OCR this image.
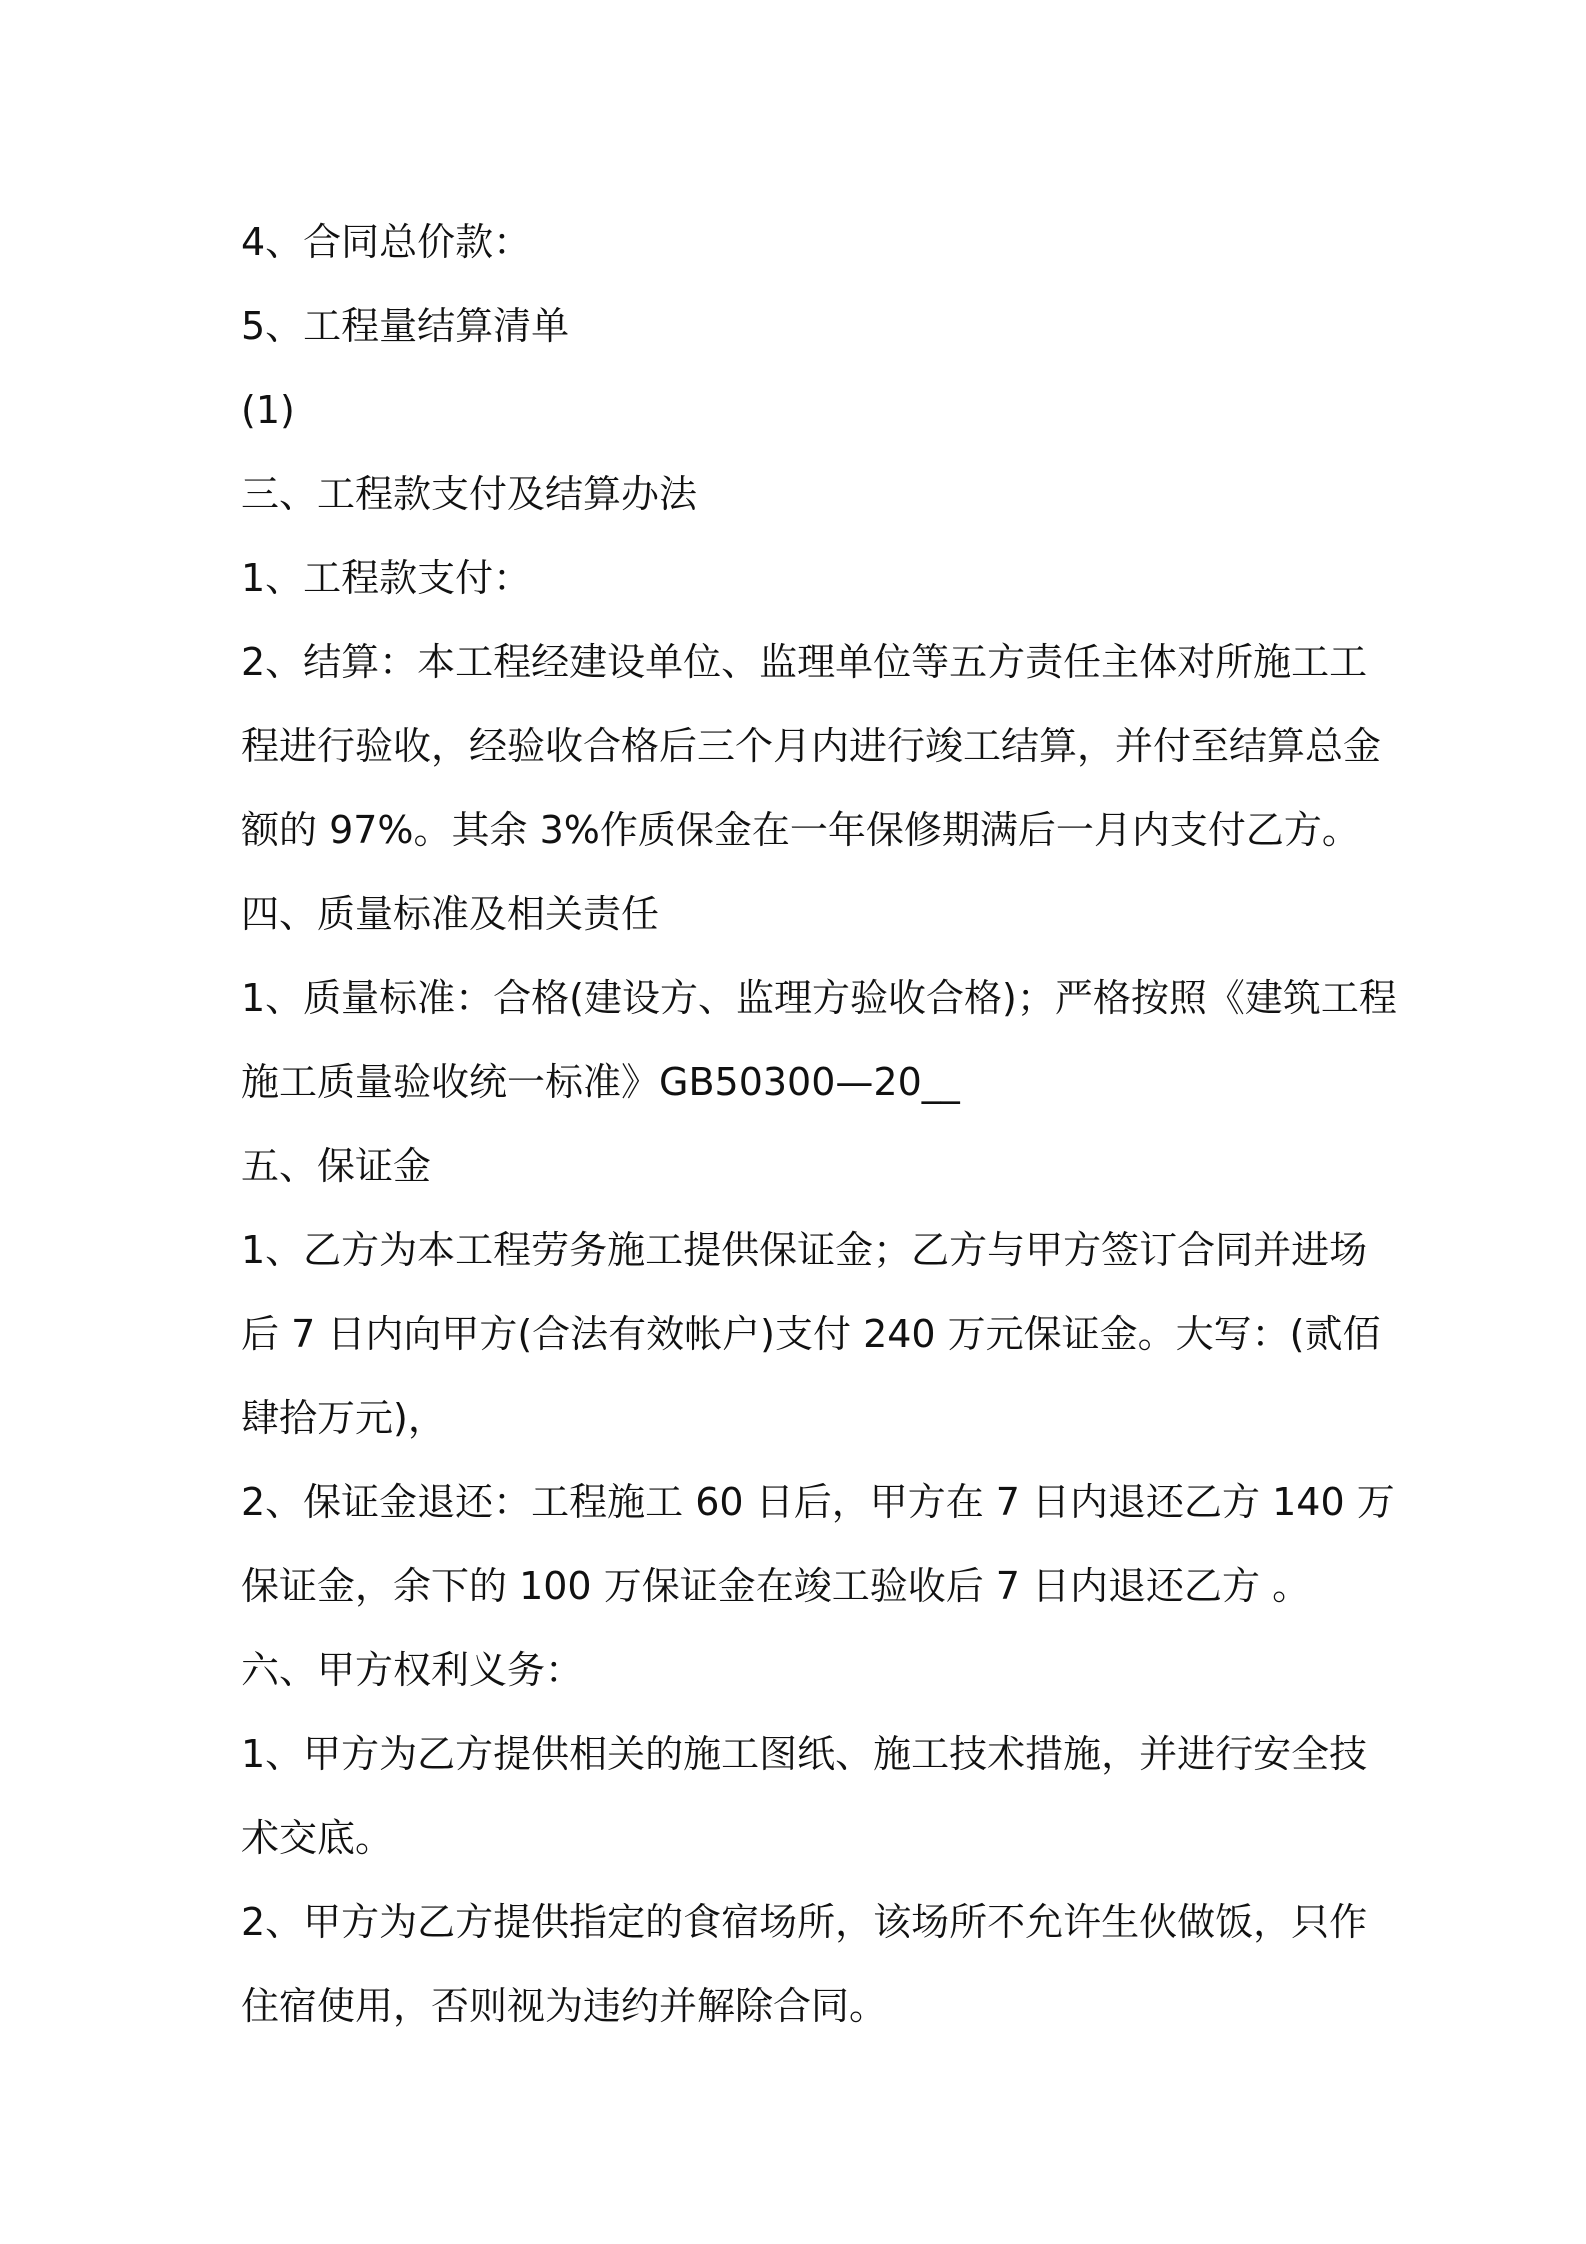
4、合同总价款：
5、工程量结算清单
(1)
三、工程款支付及结算办法
1、工程款支付：
2、结算：本工程经建设单位、监理单位等五方责任主体对所施工工
程进行验收，经验收合格后三个月内进行竣工结算，并付至结算总金
额的 97%。其余 3%作质保金在一年保修期满后一月内支付乙方。
四、质量标准及相关责任
1、质量标准：合格(建设方、监理方验收合格)；严格按照《建筑工程
施工质量验收统一标准》GB50300—20__
五、保证金
1、乙方为本工程劳务施工提供保证金；乙方与甲方签订合同并进场
后 7 日内向甲方(合法有效帐户)支付 240 万元保证金。大写：(贰佰
肆拾万元)，
2、保证金退还：工程施工 60 日后，甲方在 7 日内退还乙方 140 万
保证金，余下的 100 万保证金在竣工验收后 7 日内退还乙方 。
六、甲方权利义务：
1、甲方为乙方提供相关的施工图纸、施工技术措施，并进行安全技
术交底。
2、甲方为乙方提供指定的食宿场所，该场所不允许生伙做饭，只作
住宿使用，否则视为违约并解除合同。
